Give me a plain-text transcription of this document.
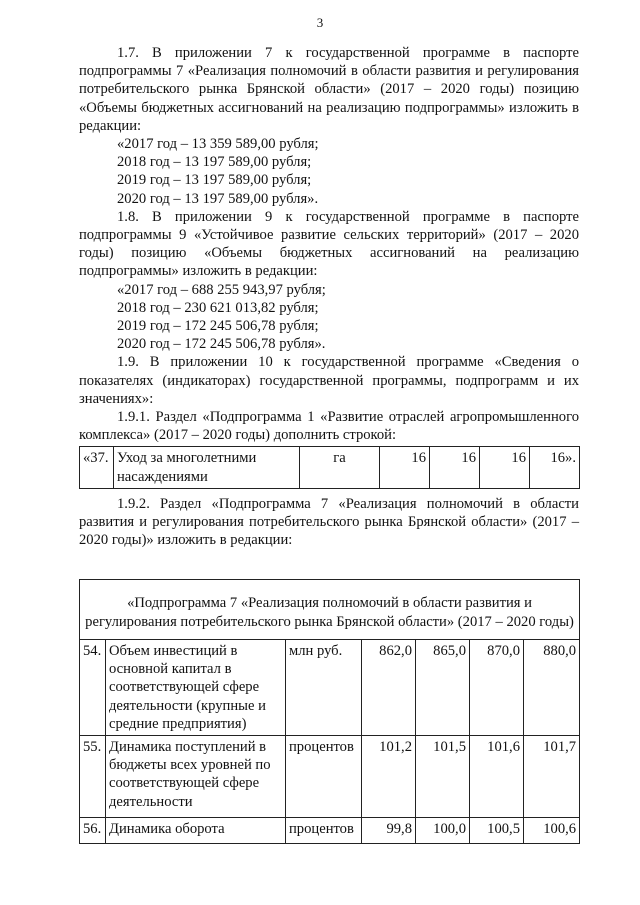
3

1.7. В приложении 7 к государственной программе в паспорте подпрограммы 7 «Реализация полномочий в области развития и регулирования потребительского рынка Брянской области» (2017 – 2020 годы) позицию «Объемы бюджетных ассигнований на реализацию подпрограммы» изложить в редакции:

«2017 год – 13 359 589,00 рубля;

2018 год – 13 197 589,00 рубля;

2019 год – 13 197 589,00 рубля;

2020 год – 13 197 589,00 рубля».

1.8. В приложении 9 к государственной программе в паспорте подпрограммы 9 «Устойчивое развитие сельских территорий» (2017 – 2020 годы) позицию «Объемы бюджетных ассигнований на реализацию подпрограммы» изложить в редакции:

«2017 год – 688 255 943,97 рубля;

2018 год – 230 621 013,82 рубля;

2019 год – 172 245 506,78 рубля;

2020 год – 172 245 506,78 рубля».

1.9. В приложении 10 к государственной программе «Сведения о показателях (индикаторах) государственной программы, подпрограмм и их значениях»:

1.9.1. Раздел «Подпрограмма 1 «Развитие отраслей агропромышленного комплекса» (2017 – 2020 годы) дополнить строкой:

«37.	Уход за многолетними насаждениями	га	16	16	16	16».

1.9.2. Раздел «Подпрограмма 7 «Реализация полномочий в области развития и регулирования потребительского рынка Брянской области» (2017 – 2020 годы)» изложить в редакции:

«Подпрограмма 7 «Реализация полномочий в области развития и регулирования потребительского рынка Брянской области» (2017 – 2020 годы)						
54.	Объем инвестиций в основной капитал в соответствующей сфере деятельности (крупные и средние предприятия)	млн руб.	862,0	865,0	870,0	880,0
55.	Динамика поступлений в бюджеты всех уровней по соответствующей сфере деятельности	процентов	101,2	101,5	101,6	101,7
56.	Динамика оборота	процентов	99,8	100,0	100,5	100,6
